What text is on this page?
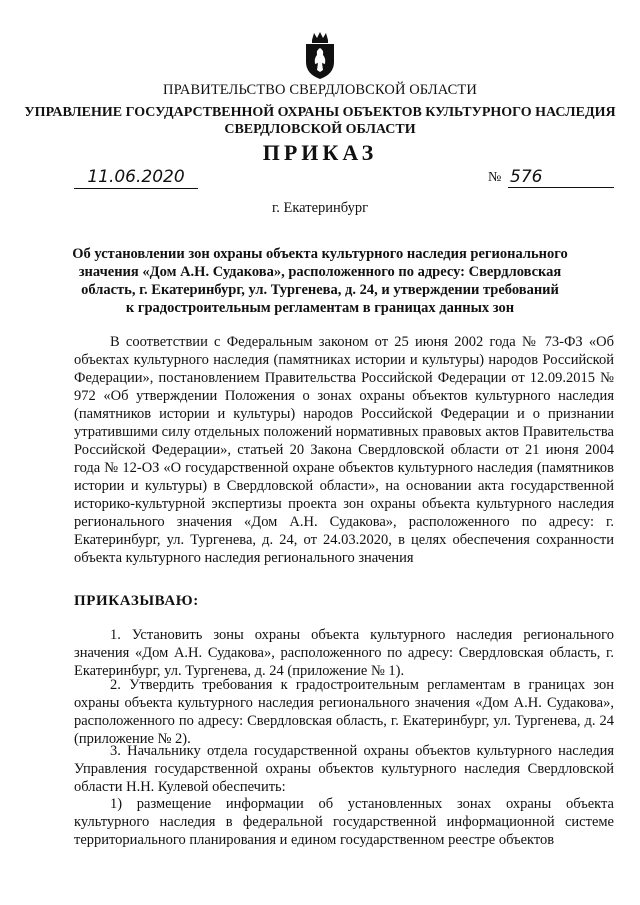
ПРАВИТЕЛЬСТВО СВЕРДЛОВСКОЙ ОБЛАСТИ
УПРАВЛЕНИЕ ГОСУДАРСТВЕННОЙ ОХРАНЫ ОБЪЕКТОВ КУЛЬТУРНОГО НАСЛЕДИЯ
СВЕРДЛОВСКОЙ ОБЛАСТИ
ПРИКАЗ
11.06.2020	№ 576
г. Екатеринбург
Об установлении зон охраны объекта культурного наследия регионального
значения «Дом А.Н. Судакова», расположенного по адресу: Свердловская
область, г. Екатеринбург, ул. Тургенева, д. 24, и утверждении требований
к градостроительным регламентам в границах данных зон

В соответствии с Федеральным законом от 25 июня 2002 года № 73-ФЗ «Об объектах культурного наследия (памятниках истории и культуры) народов Российской Федерации», постановлением Правительства Российской Федерации от 12.09.2015 № 972 «Об утверждении Положения о зонах охраны объектов культурного наследия (памятников истории и культуры) народов Российской Федерации и о признании утратившими силу отдельных положений нормативных правовых актов Правительства Российской Федерации», статьей 20 Закона Свердловской области от 21 июня 2004 года № 12-ОЗ «О государственной охране объектов культурного наследия (памятников истории и культуры) в Свердловской области», на основании акта государственной историко-культурной экспертизы проекта зон охраны объекта культурного наследия регионального значения «Дом А.Н. Судакова», расположенного по адресу: г. Екатеринбург, ул. Тургенева, д. 24, от 24.03.2020, в целях обеспечения сохранности объекта культурного наследия регионального значения

ПРИКАЗЫВАЮ:

1. Установить зоны охраны объекта культурного наследия регионального значения «Дом А.Н. Судакова», расположенного по адресу: Свердловская область, г. Екатеринбург, ул. Тургенева, д. 24 (приложение № 1).

2. Утвердить требования к градостроительным регламентам в границах зон охраны объекта культурного наследия регионального значения «Дом А.Н. Судакова», расположенного по адресу: Свердловская область, г. Екатеринбург, ул. Тургенева, д. 24 (приложение № 2).

3. Начальнику отдела государственной охраны объектов культурного наследия Управления государственной охраны объектов культурного наследия Свердловской области Н.Н. Кулевой обеспечить:

1) размещение информации об установленных зонах охраны объекта культурного наследия в федеральной государственной информационной системе территориального планирования и едином государственном реестре объектов
